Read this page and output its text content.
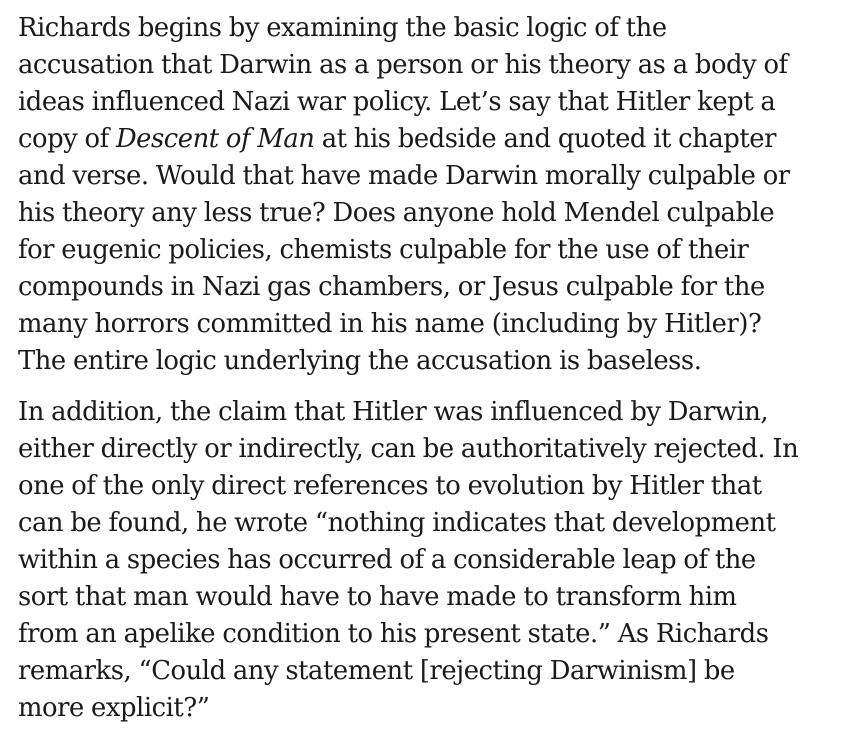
Richards begins by examining the basic logic of the
accusation that Darwin as a person or his theory as a body of
ideas influenced Nazi war policy. Let’s say that Hitler kept a
copy of Descent of Man at his bedside and quoted it chapter
and verse. Would that have made Darwin morally culpable or
his theory any less true? Does anyone hold Mendel culpable
for eugenic policies, chemists culpable for the use of their
compounds in Nazi gas chambers, or Jesus culpable for the
many horrors committed in his name (including by Hitler)?
The entire logic underlying the accusation is baseless.
In addition, the claim that Hitler was influenced by Darwin,
either directly or indirectly, can be authoritatively rejected. In
one of the only direct references to evolution by Hitler that
can be found, he wrote “nothing indicates that development
within a species has occurred of a considerable leap of the
sort that man would have to have made to transform him
from an apelike condition to his present state.” As Richards
remarks, “Could any statement [rejecting Darwinism] be
more explicit?”
